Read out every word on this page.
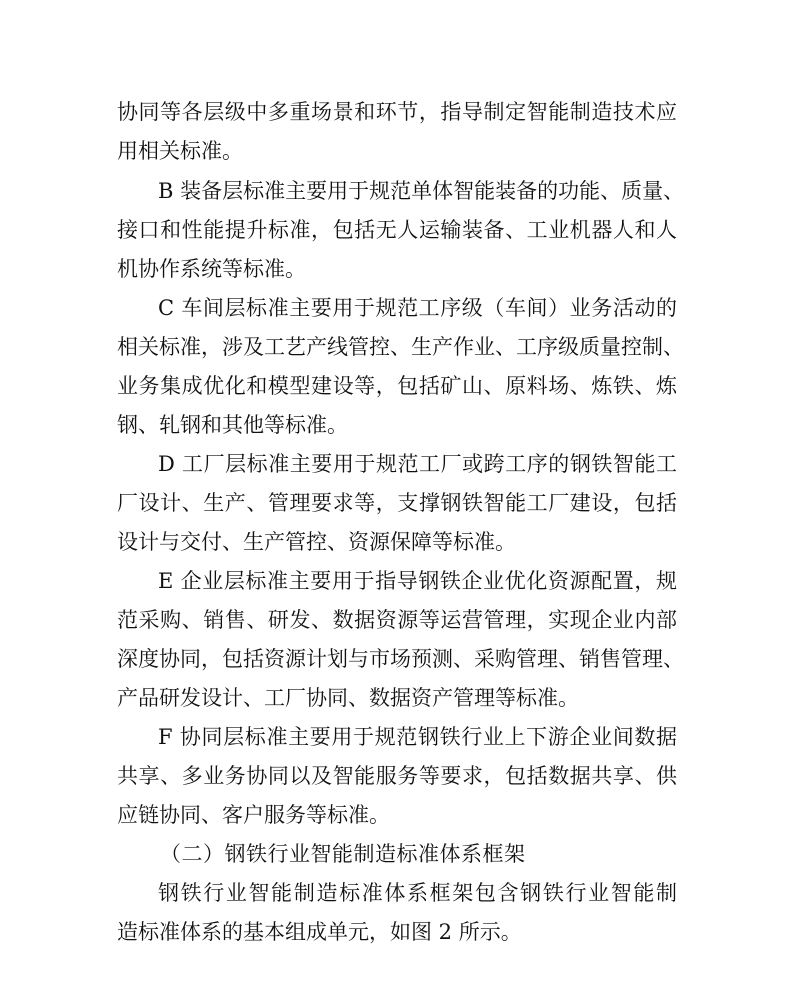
协同等各层级中多重场景和环节，指导制定智能制造技术应
用相关标准。
B 装备层标准主要用于规范单体智能装备的功能、质量、
接口和性能提升标准，包括无人运输装备、工业机器人和人
机协作系统等标准。
C 车间层标准主要用于规范工序级（车间）业务活动的
相关标准，涉及工艺产线管控、生产作业、工序级质量控制、
业务集成优化和模型建设等，包括矿山、原料场、炼铁、炼
钢、轧钢和其他等标准。
D 工厂层标准主要用于规范工厂或跨工序的钢铁智能工
厂设计、生产、管理要求等，支撑钢铁智能工厂建设，包括
设计与交付、生产管控、资源保障等标准。
E 企业层标准主要用于指导钢铁企业优化资源配置，规
范采购、销售、研发、数据资源等运营管理，实现企业内部
深度协同，包括资源计划与市场预测、采购管理、销售管理、
产品研发设计、工厂协同、数据资产管理等标准。
F 协同层标准主要用于规范钢铁行业上下游企业间数据
共享、多业务协同以及智能服务等要求，包括数据共享、供
应链协同、客户服务等标准。
（二）钢铁行业智能制造标准体系框架
钢铁行业智能制造标准体系框架包含钢铁行业智能制
造标准体系的基本组成单元，如图 2 所示。
